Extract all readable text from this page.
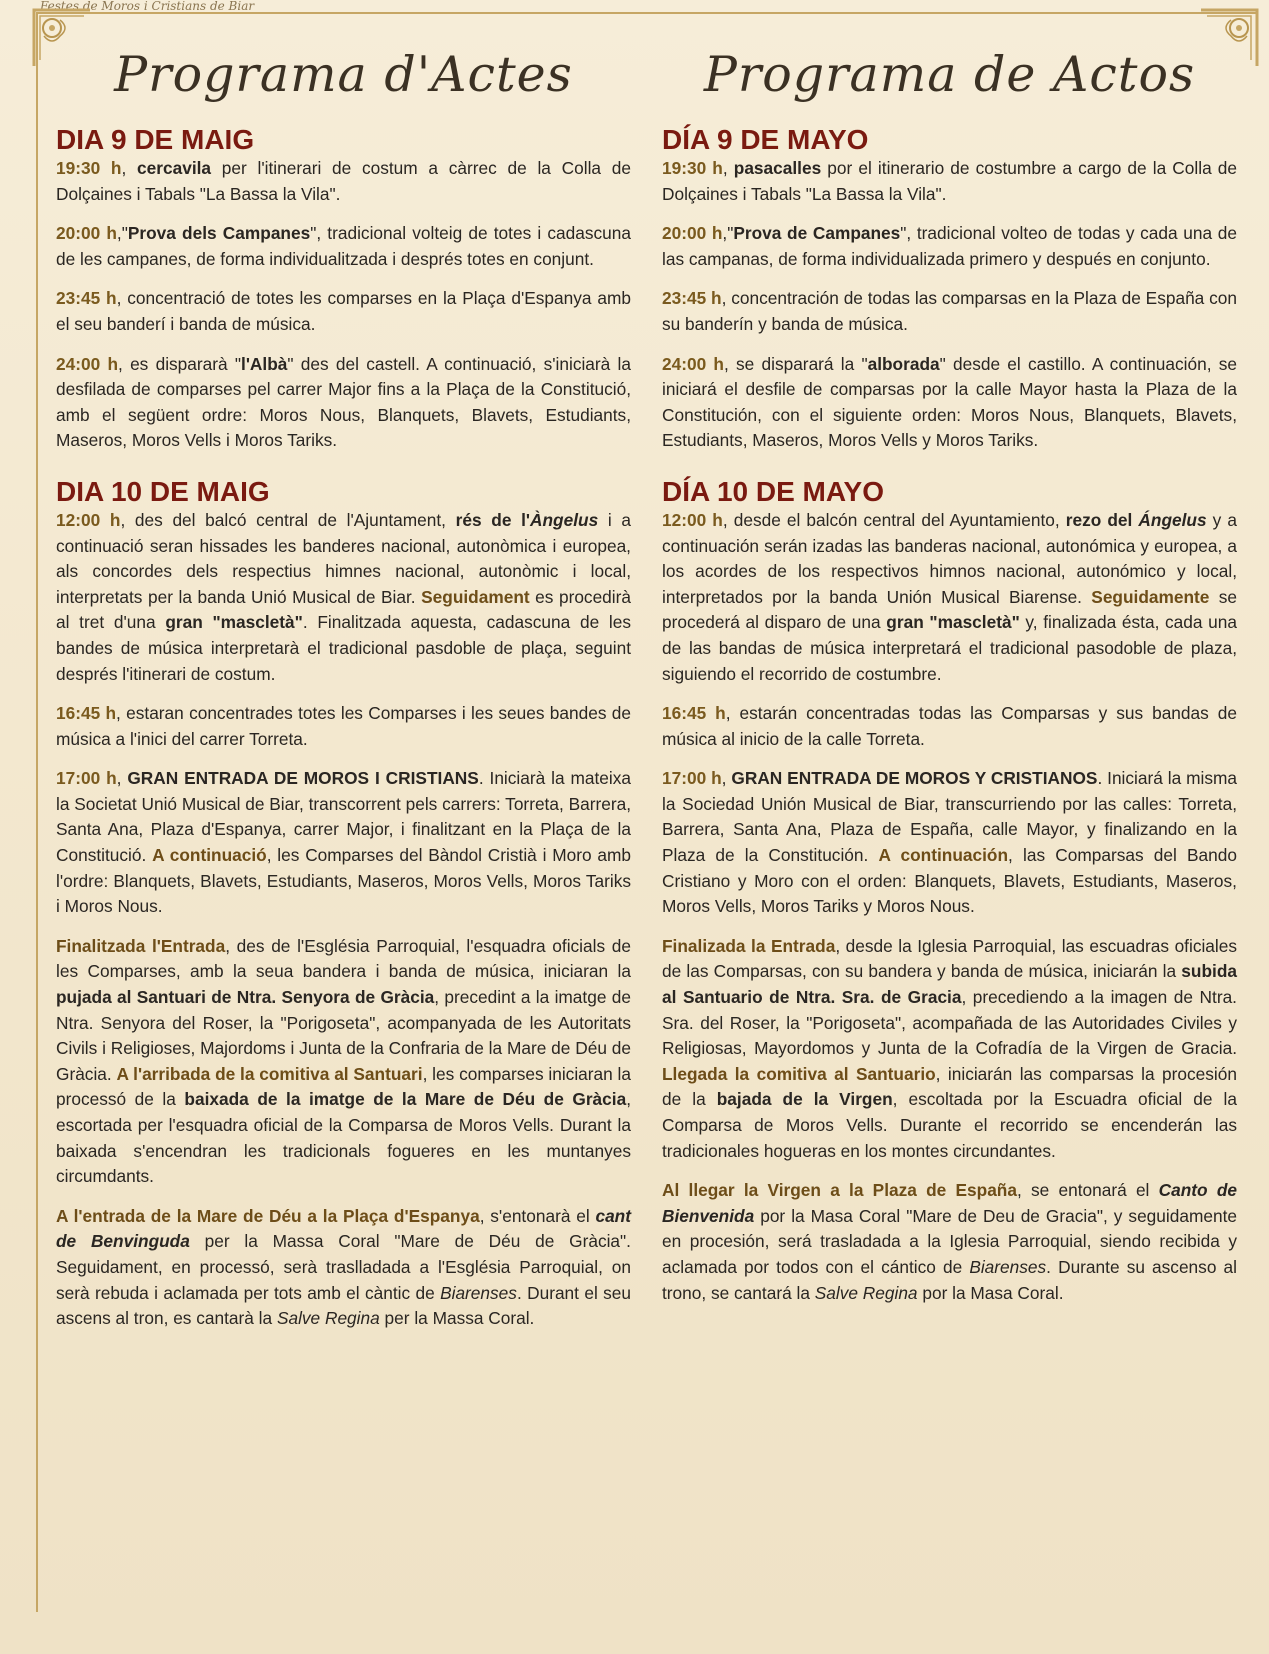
Festes de Moros i Cristians de Biar
Programa d'Actes
DIA 9 DE MAIG

19:30 h, cercavila per l'itinerari de costum a càrrec de la Colla de Dolçaines i Tabals "La Bassa la Vila".

20:00 h,"Prova dels Campanes", tradicional volteig de totes i cadascuna de les campanes, de forma individualitzada i després totes en conjunt.

23:45 h, concentració de totes les comparses en la Plaça d'Espanya amb el seu banderí i banda de música.

24:00 h, es dispararà "l'Albà" des del castell. A continuació, s'iniciarà la desfilada de comparses pel carrer Major fins a la Plaça de la Constitució, amb el següent ordre: Moros Nous, Blanquets, Blavets, Estudiants, Maseros, Moros Vells i Moros Tariks.

DIA 10 DE MAIG

12:00 h, des del balcó central de l'Ajuntament, rés de l'Àngelus i a continuació seran hissades les banderes nacional, autonòmica i europea, als concordes dels respectius himnes nacional, autonòmic i local, interpretats per la banda Unió Musical de Biar. Seguidament es procedirà al tret d'una gran "mascletà". Finalitzada aquesta, cadascuna de les bandes de música interpretarà el tradicional pasdoble de plaça, seguint després l'itinerari de costum.

16:45 h, estaran concentrades totes les Comparses i les seues bandes de música a l'inici del carrer Torreta.

17:00 h, GRAN ENTRADA DE MOROS I CRISTIANS. Iniciarà la mateixa la Societat Unió Musical de Biar, transcorrent pels carrers: Torreta, Barrera, Santa Ana, Plaza d'Espanya, carrer Major, i finalitzant en la Plaça de la Constitució. A continuació, les Comparses del Bàndol Cristià i Moro amb l'ordre: Blanquets, Blavets, Estudiants, Maseros, Moros Vells, Moros Tariks i Moros Nous.

Finalitzada l'Entrada, des de l'Església Parroquial, l'esquadra oficials de les Comparses, amb la seua bandera i banda de música, iniciaran la pujada al Santuari de Ntra. Senyora de Gràcia, precedint a la imatge de Ntra. Senyora del Roser, la "Porigoseta", acompanyada de les Autoritats Civils i Religioses, Majordoms i Junta de la Confraria de la Mare de Déu de Gràcia. A l'arribada de la comitiva al Santuari, les comparses iniciaran la processó de la baixada de la imatge de la Mare de Déu de Gràcia, escortada per l'esquadra oficial de la Comparsa de Moros Vells. Durant la baixada s'encendran les tradicionals fogueres en les muntanyes circumdants.

A l'entrada de la Mare de Déu a la Plaça d'Espanya, s'entonarà el cant de Benvinguda per la Massa Coral "Mare de Déu de Gràcia". Seguidament, en processó, serà traslladada a l'Església Parroquial, on serà rebuda i aclamada per tots amb el càntic de Biarenses. Durant el seu ascens al tron, es cantarà la Salve Regina per la Massa Coral.

Programa de Actos
DÍA 9 DE MAYO

19:30 h, pasacalles por el itinerario de costumbre a cargo de la Colla de Dolçaines i Tabals "La Bassa la Vila".

20:00 h,"Prova de Campanes", tradicional volteo de todas y cada una de las campanas, de forma individualizada primero y después en conjunto.

23:45 h, concentración de todas las comparsas en la Plaza de España con su banderín y banda de música.

24:00 h, se disparará la "alborada" desde el castillo. A continuación, se iniciará el desfile de comparsas por la calle Mayor hasta la Plaza de la Constitución, con el siguiente orden: Moros Nous, Blanquets, Blavets, Estudiants, Maseros, Moros Vells y Moros Tariks.

DÍA 10 DE MAYO

12:00 h, desde el balcón central del Ayuntamiento, rezo del Ángelus y a continuación serán izadas las banderas nacional, autonómica y europea, a los acordes de los respectivos himnos nacional, autonómico y local, interpretados por la banda Unión Musical Biarense. Seguidamente se procederá al disparo de una gran "mascletà" y, finalizada ésta, cada una de las bandas de música interpretará el tradicional pasodoble de plaza, siguiendo el recorrido de costumbre.

16:45 h, estarán concentradas todas las Comparsas y sus bandas de música al inicio de la calle Torreta.

17:00 h, GRAN ENTRADA DE MOROS Y CRISTIANOS. Iniciará la misma la Sociedad Unión Musical de Biar, transcurriendo por las calles: Torreta, Barrera, Santa Ana, Plaza de España, calle Mayor, y finalizando en la Plaza de la Constitución. A continuación, las Comparsas del Bando Cristiano y Moro con el orden: Blanquets, Blavets, Estudiants, Maseros, Moros Vells, Moros Tariks y Moros Nous.

Finalizada la Entrada, desde la Iglesia Parroquial, las escuadras oficiales de las Comparsas, con su bandera y banda de música, iniciarán la subida al Santuario de Ntra. Sra. de Gracia, precediendo a la imagen de Ntra. Sra. del Roser, la "Porigoseta", acompañada de las Autoridades Civiles y Religiosas, Mayordomos y Junta de la Cofradía de la Virgen de Gracia. Llegada la comitiva al Santuario, iniciarán las comparsas la procesión de la bajada de la Virgen, escoltada por la Escuadra oficial de la Comparsa de Moros Vells. Durante el recorrido se encenderán las tradicionales hogueras en los montes circundantes.

Al llegar la Virgen a la Plaza de España, se entonará el Canto de Bienvenida por la Masa Coral "Mare de Deu de Gracia", y seguidamente en procesión, será trasladada a la Iglesia Parroquial, siendo recibida y aclamada por todos con el cántico de Biarenses. Durante su ascenso al trono, se cantará la Salve Regina por la Masa Coral.
